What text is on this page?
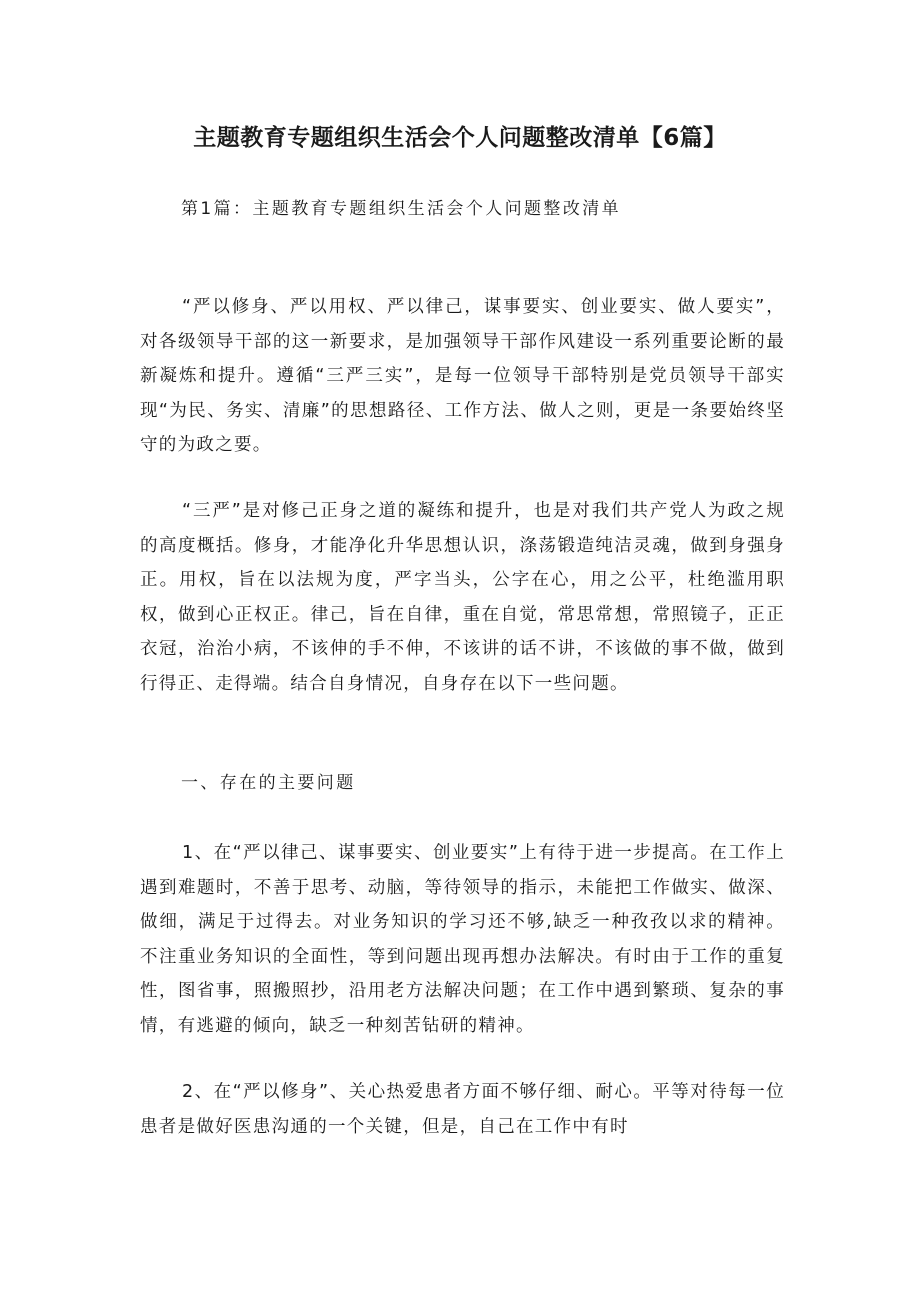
主题教育专题组织生活会个人问题整改清单【6篇】

第1篇：主题教育专题组织生活会个人问题整改清单

“严以修身、严以用权、严以律己，谋事要实、创业要实、做人要实”，对各级领导干部的这一新要求，是加强领导干部作风建设一系列重要论断的最新凝炼和提升。遵循“三严三实”，是每一位领导干部特别是党员领导干部实现“为民、务实、清廉”的思想路径、工作方法、做人之则，更是一条要始终坚守的为政之要。

“三严”是对修己正身之道的凝练和提升，也是对我们共产党人为政之规的高度概括。修身，才能净化升华思想认识，涤荡锻造纯洁灵魂，做到身强身正。用权，旨在以法规为度，严字当头，公字在心，用之公平，杜绝滥用职权，做到心正权正。律己，旨在自律，重在自觉，常思常想，常照镜子，正正衣冠，治治小病，不该伸的手不伸，不该讲的话不讲，不该做的事不做，做到行得正、走得端。结合自身情况，自身存在以下一些问题。

一、存在的主要问题

1、在“严以律己、谋事要实、创业要实”上有待于进一步提高。在工作上遇到难题时，不善于思考、动脑，等待领导的指示，未能把工作做实、做深、做细，满足于过得去。对业务知识的学习还不够,缺乏一种孜孜以求的精神。不注重业务知识的全面性，等到问题出现再想办法解决。有时由于工作的重复性，图省事，照搬照抄，沿用老方法解决问题；在工作中遇到繁琐、复杂的事情，有逃避的倾向，缺乏一种刻苦钻研的精神。

2、在“严以修身”、关心热爱患者方面不够仔细、耐心。平等对待每一位患者是做好医患沟通的一个关键，但是，自己在工作中有时
